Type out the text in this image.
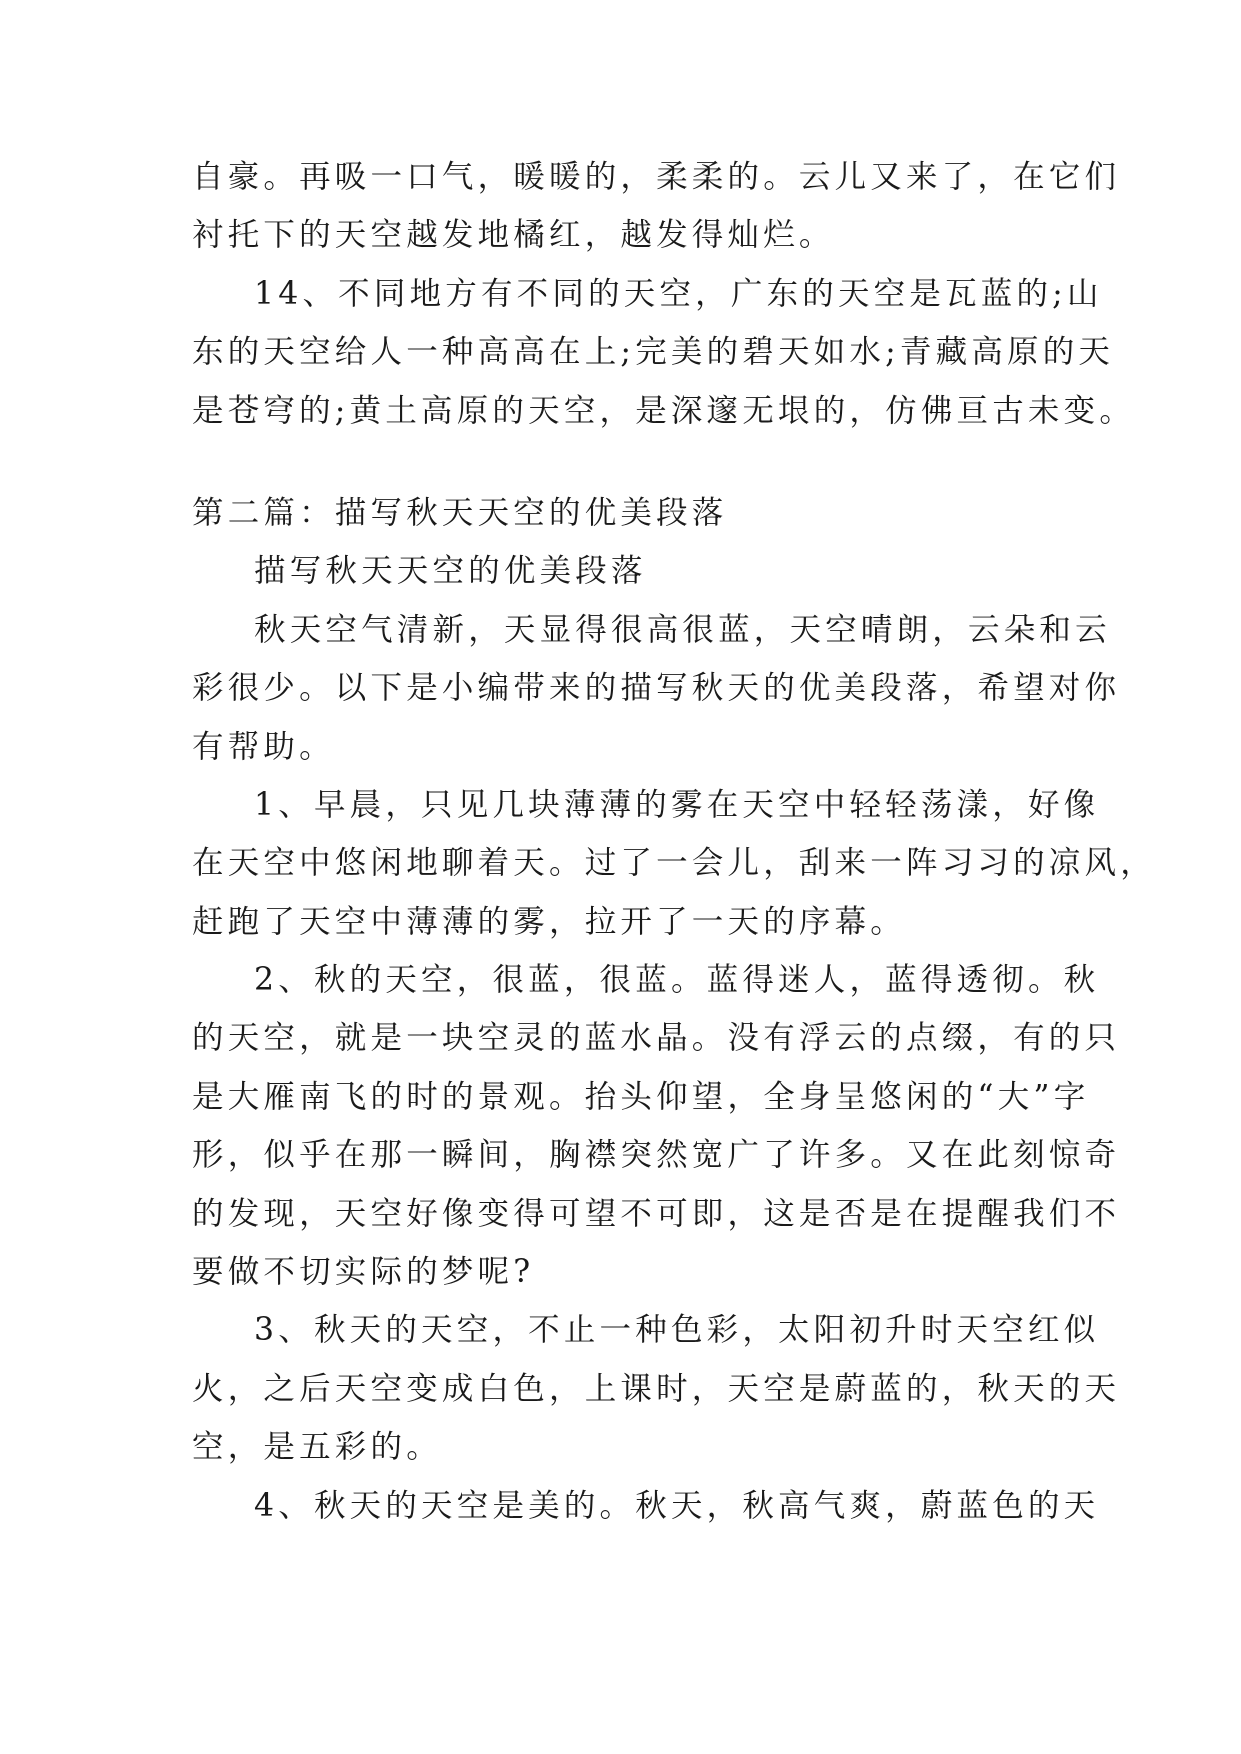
自豪。再吸一口气，暖暖的，柔柔的。云儿又来了，在它们
衬托下的天空越发地橘红，越发得灿烂。
14、不同地方有不同的天空，广东的天空是瓦蓝的;山
东的天空给人一种高高在上;完美的碧天如水;青藏高原的天
是苍穹的;黄土高原的天空，是深邃无垠的，仿佛亘古未变。
第二篇：描写秋天天空的优美段落
描写秋天天空的优美段落
秋天空气清新，天显得很高很蓝，天空晴朗，云朵和云
彩很少。以下是小编带来的描写秋天的优美段落，希望对你
有帮助。
1、早晨，只见几块薄薄的雾在天空中轻轻荡漾，好像
在天空中悠闲地聊着天。过了一会儿，刮来一阵习习的凉风，
赶跑了天空中薄薄的雾，拉开了一天的序幕。
2、秋的天空，很蓝，很蓝。蓝得迷人，蓝得透彻。秋
的天空，就是一块空灵的蓝水晶。没有浮云的点缀，有的只
是大雁南飞的时的景观。抬头仰望，全身呈悠闲的“大”字
形，似乎在那一瞬间，胸襟突然宽广了许多。又在此刻惊奇
的发现，天空好像变得可望不可即，这是否是在提醒我们不
要做不切实际的梦呢?
3、秋天的天空，不止一种色彩，太阳初升时天空红似
火，之后天空变成白色，上课时，天空是蔚蓝的，秋天的天
空，是五彩的。
4、秋天的天空是美的。秋天，秋高气爽，蔚蓝色的天
